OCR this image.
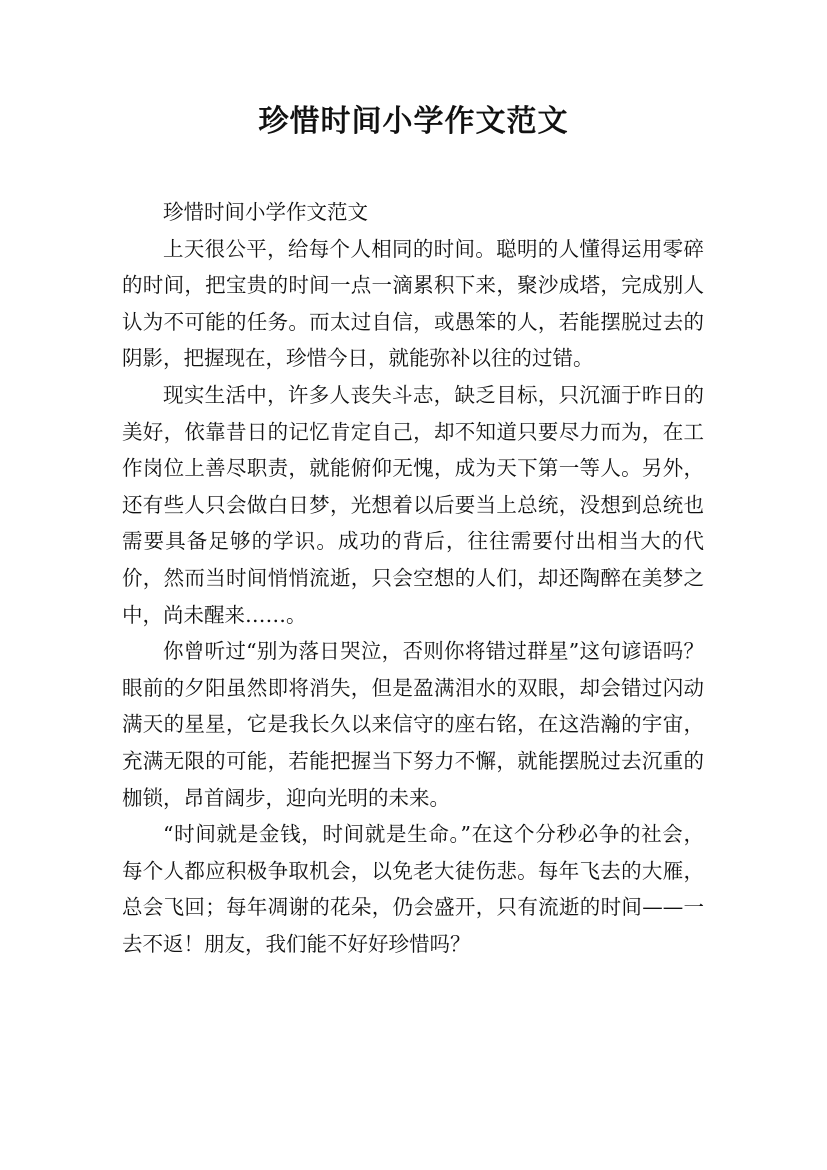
珍惜时间小学作文范文

珍惜时间小学作文范文

上天很公平，给每个人相同的时间。聪明的人懂得运用零碎的时间，把宝贵的时间一点一滴累积下来，聚沙成塔，完成别人认为不可能的任务。而太过自信，或愚笨的人，若能摆脱过去的阴影，把握现在，珍惜今日，就能弥补以往的过错。

现实生活中，许多人丧失斗志，缺乏目标，只沉湎于昨日的美好，依靠昔日的记忆肯定自己，却不知道只要尽力而为，在工作岗位上善尽职责，就能俯仰无愧，成为天下第一等人。另外，还有些人只会做白日梦，光想着以后要当上总统，没想到总统也需要具备足够的学识。成功的背后，往往需要付出相当大的代价，然而当时间悄悄流逝，只会空想的人们，却还陶醉在美梦之中，尚未醒来……。

你曾听过“别为落日哭泣，否则你将错过群星”这句谚语吗？眼前的夕阳虽然即将消失，但是盈满泪水的双眼，却会错过闪动满天的星星，它是我长久以来信守的座右铭，在这浩瀚的宇宙，充满无限的可能，若能把握当下努力不懈，就能摆脱过去沉重的枷锁，昂首阔步，迎向光明的未来。

“时间就是金钱，时间就是生命。”在这个分秒必争的社会，每个人都应积极争取机会，以免老大徒伤悲。每年飞去的大雁，总会飞回；每年凋谢的花朵，仍会盛开，只有流逝的时间——一去不返！朋友，我们能不好好珍惜吗？
